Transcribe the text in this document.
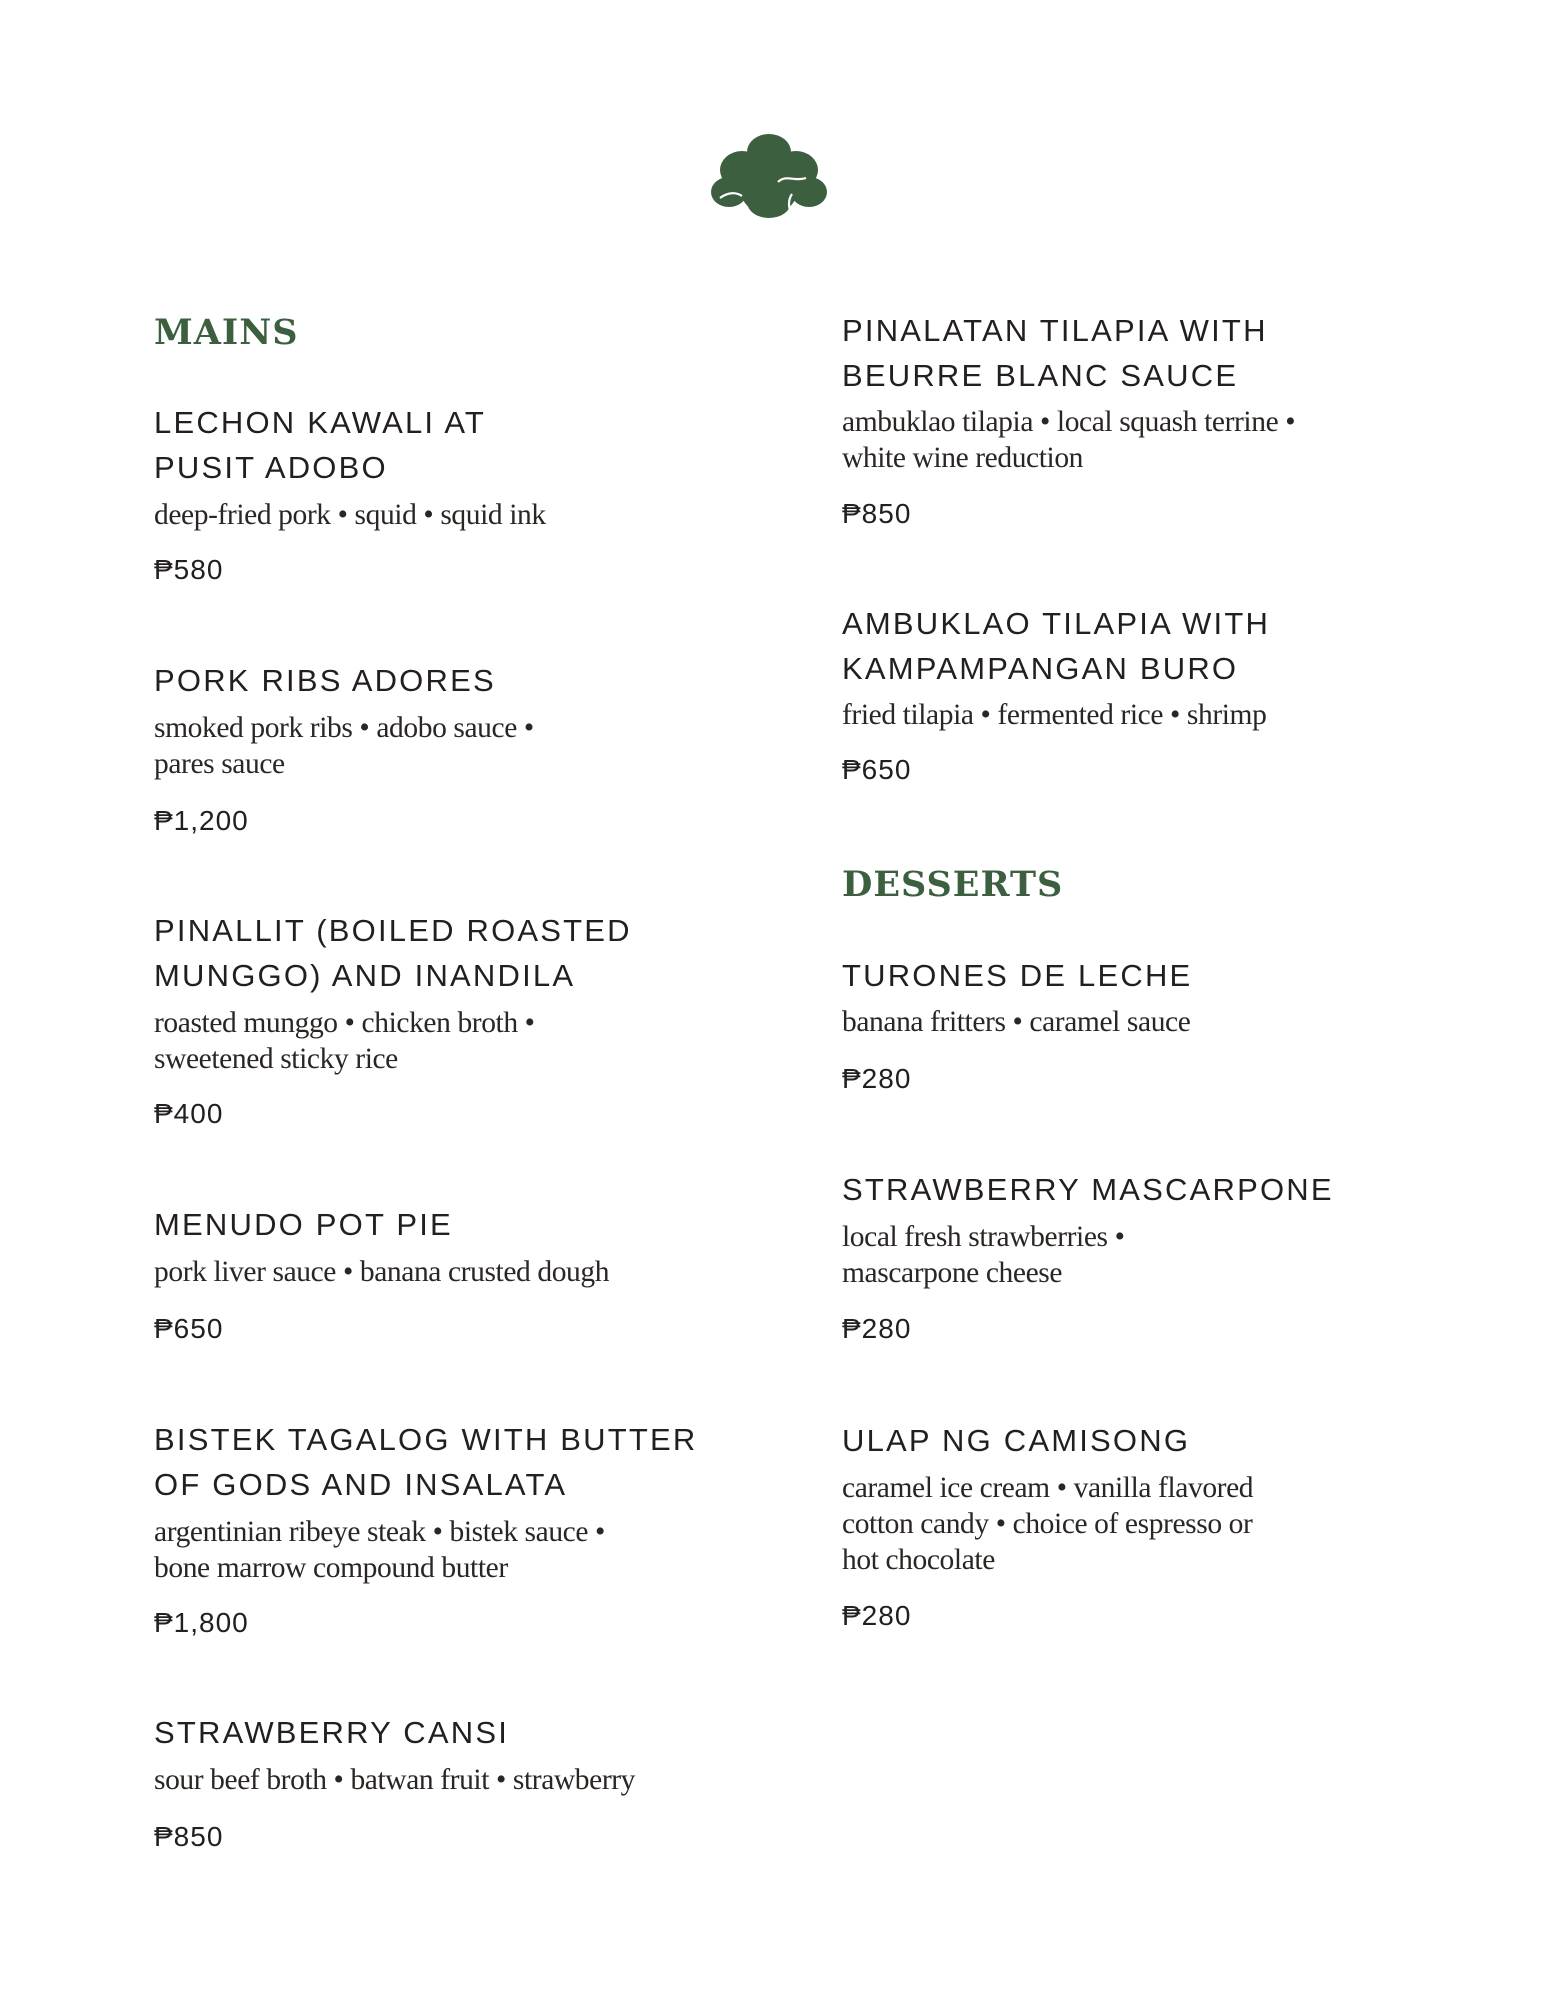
MAINS
LECHON KAWALI AT
PUSIT ADOBO
deep-fried pork • squid • squid ink
₱580
PORK RIBS ADORES
smoked pork ribs • adobo sauce •
pares sauce
₱1,200
PINALLIT (BOILED ROASTED
MUNGGO) AND INANDILA
roasted munggo • chicken broth •
sweetened sticky rice
₱400
MENUDO POT PIE
pork liver sauce • banana crusted dough
₱650
BISTEK TAGALOG WITH BUTTER
OF GODS AND INSALATA
argentinian ribeye steak • bistek sauce •
bone marrow compound butter
₱1,800
STRAWBERRY CANSI
sour beef broth • batwan fruit • strawberry
₱850
PINALATAN TILAPIA WITH
BEURRE BLANC SAUCE
ambuklao tilapia • local squash terrine •
white wine reduction
₱850
AMBUKLAO TILAPIA WITH
KAMPAMPANGAN BURO
fried tilapia • fermented rice • shrimp
₱650
DESSERTS
TURONES DE LECHE
banana fritters • caramel sauce
₱280
STRAWBERRY MASCARPONE
local fresh strawberries •
mascarpone cheese
₱280
ULAP NG CAMISONG
caramel ice cream • vanilla flavored
cotton candy • choice of espresso or
hot chocolate
₱280
